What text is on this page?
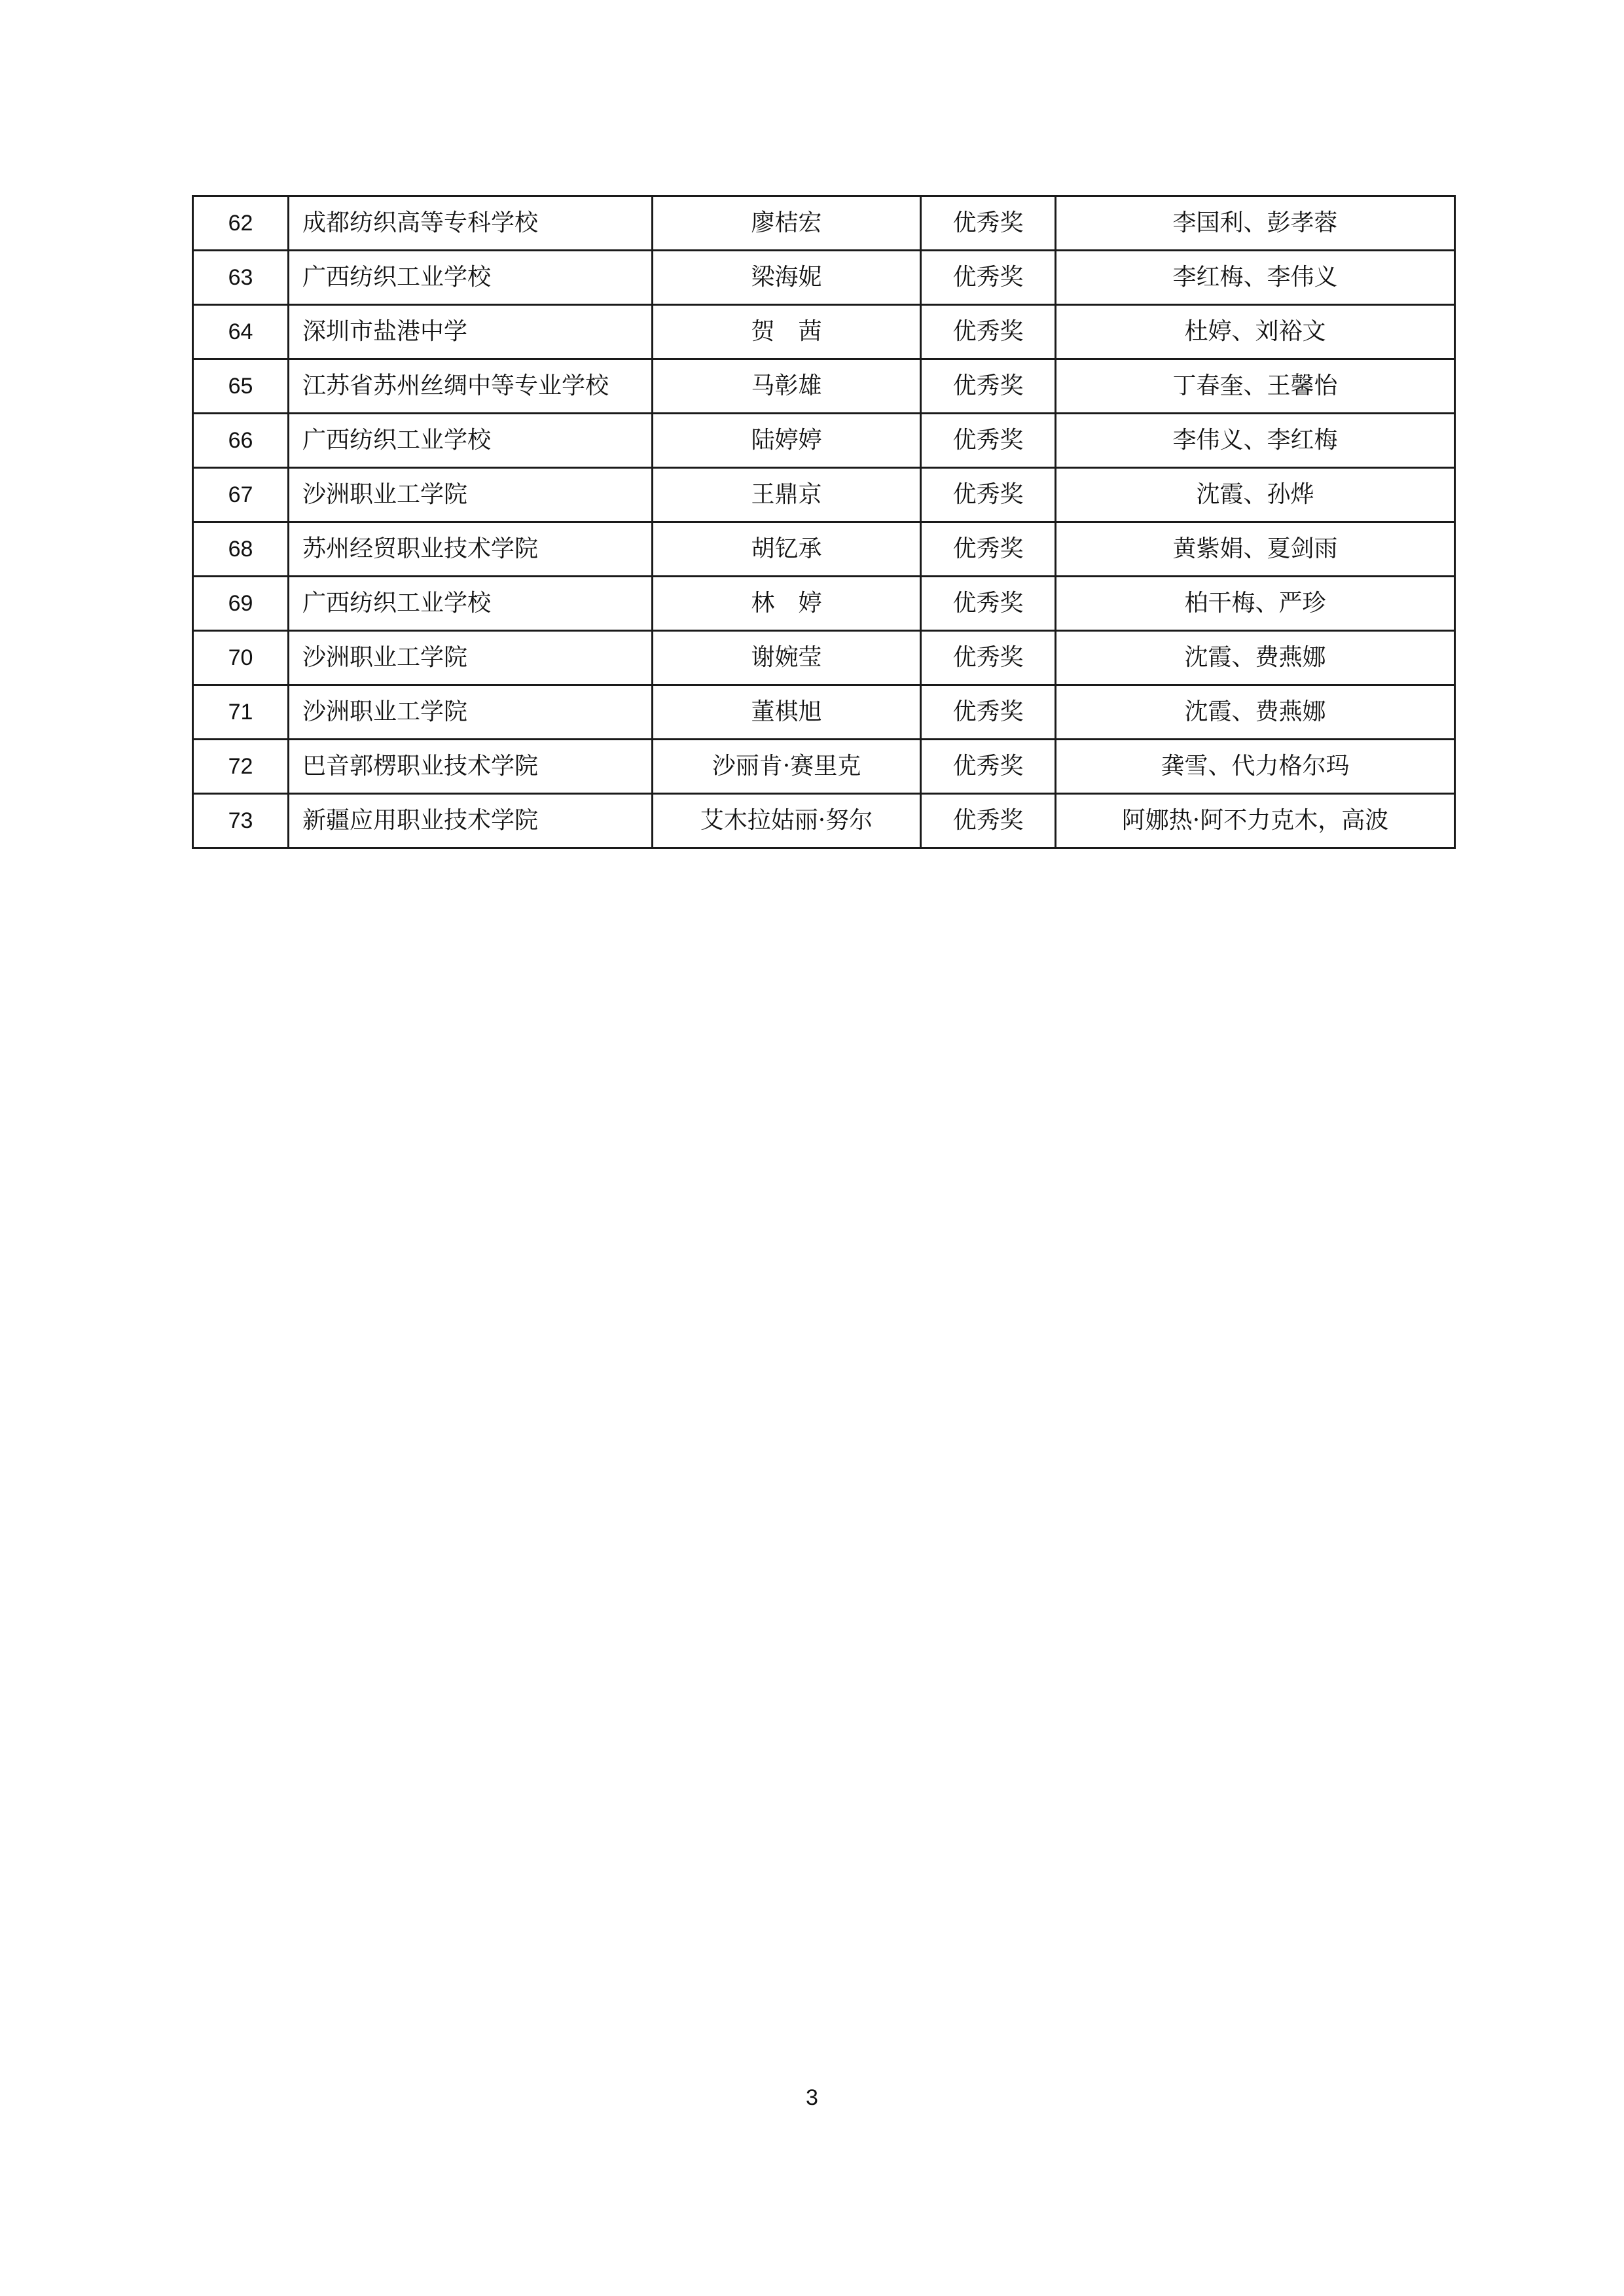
62	成都纺织高等专科学校	廖桔宏	优秀奖	李国利、彭孝蓉
63	广西纺织工业学校	梁海妮	优秀奖	李红梅、李伟义
64	深圳市盐港中学	贺　茜	优秀奖	杜婷、刘裕文
65	江苏省苏州丝绸中等专业学校	马彰雄	优秀奖	丁春奎、王馨怡
66	广西纺织工业学校	陆婷婷	优秀奖	李伟义、李红梅
67	沙洲职业工学院	王鼎京	优秀奖	沈霞、孙烨
68	苏州经贸职业技术学院	胡钇承	优秀奖	黄紫娟、夏剑雨
69	广西纺织工业学校	林　婷	优秀奖	柏干梅、严珍
70	沙洲职业工学院	谢婉莹	优秀奖	沈霞、费燕娜
71	沙洲职业工学院	董棋旭	优秀奖	沈霞、费燕娜
72	巴音郭楞职业技术学院	沙丽肯·赛里克	优秀奖	龚雪、代力格尔玛
73	新疆应用职业技术学院	艾木拉姑丽·努尔	优秀奖	阿娜热·阿不力克木，高波
3
